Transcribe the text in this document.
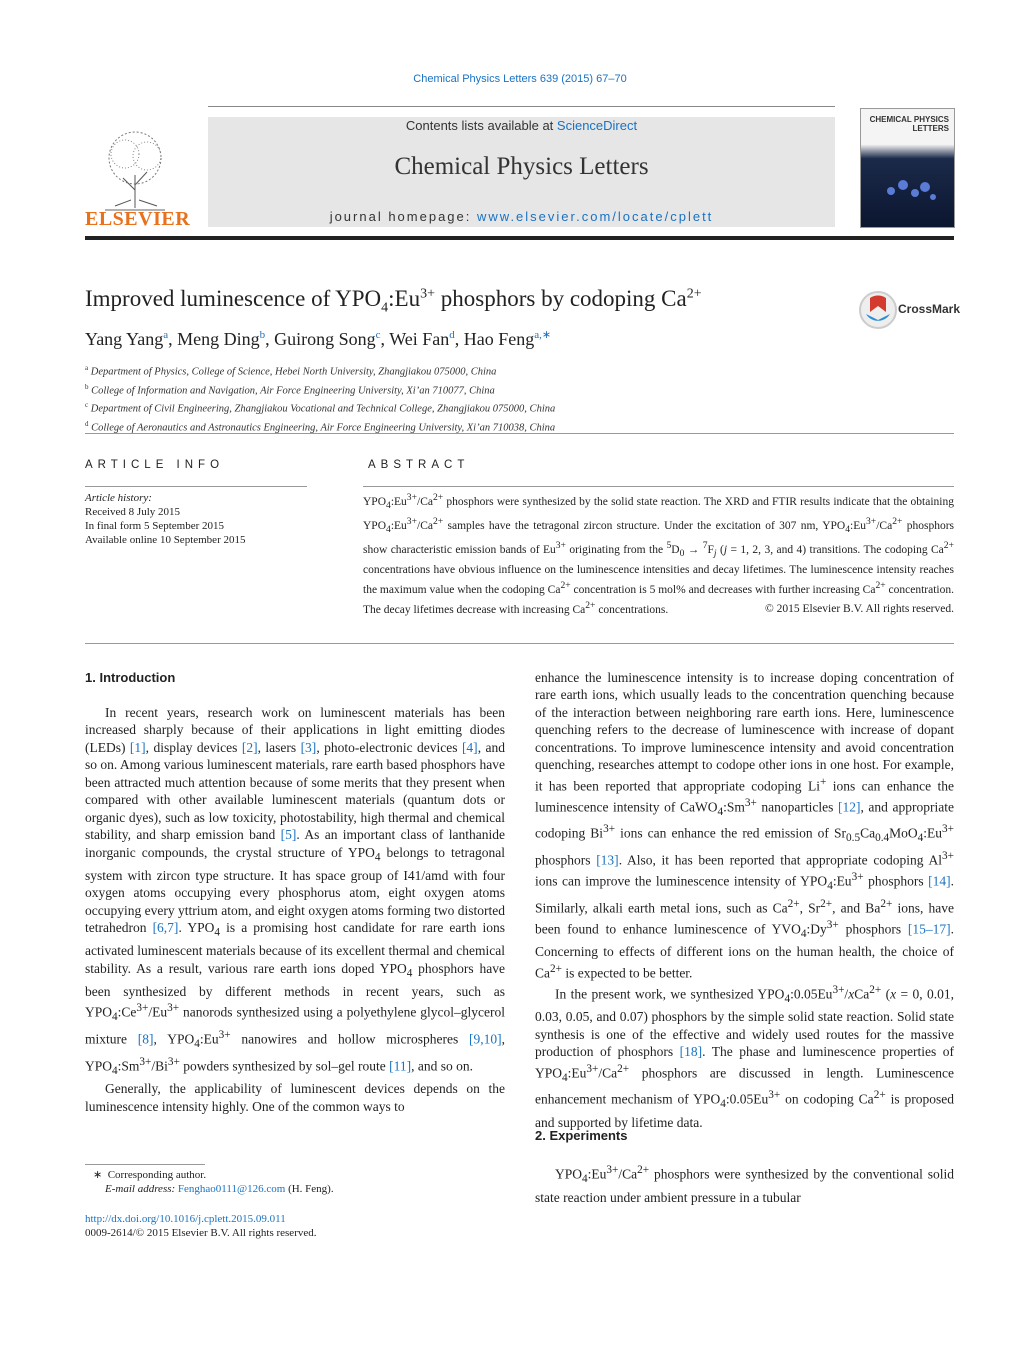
Chemical Physics Letters 639 (2015) 67–70
ELSEVIER
Contents lists available at ScienceDirect
Chemical Physics Letters
journal homepage: www.elsevier.com/locate/cplett
CHEMICAL PHYSICS LETTERS
Improved luminescence of $YPO_4:Eu^{3+}$ phosphors by codoping $Ca^{2+}$
CrossMark
Yang Yang$^a$, Meng Ding$^b$, Guirong Song$^c$, Wei Fan$^d$, Hao Feng$^{a,∗}$
$^a$ Department of Physics, College of Science, Hebei North University, Zhangjiakou 075000, China
$^b$ College of Information and Navigation, Air Force Engineering University, Xi’an 710077, China
$^c$ Department of Civil Engineering, Zhangjiakou Vocational and Technical College, Zhangjiakou 075000, China
$^d$ College of Aeronautics and Astronautics Engineering, Air Force Engineering University, Xi’an 710038, China
ARTICLE INFO
Article history:
Received 8 July 2015
In final form 5 September 2015
Available online 10 September 2015
ABSTRACT
$YPO_4:Eu^{3+}/Ca^{2+}$ phosphors were synthesized by the solid state reaction. The XRD and FTIR results indicate that the obtaining $YPO_4:Eu^{3+}/Ca^{2+}$ samples have the tetragonal zircon structure. Under the excitation of 307 nm, $YPO_4:Eu^{3+}/Ca^{2+}$ phosphors show characteristic emission bands of $Eu^{3+}$ originating from the $^5D_0 \to ^7F_j$ (j = 1, 2, 3, and 4) transitions. The codoping $Ca^{2+}$ concentrations have obvious influence on the luminescence intensities and decay lifetimes. The luminescence intensity reaches the maximum value when the codoping $Ca^{2+}$ concentration is 5 mol% and decreases with further increasing $Ca^{2+}$ concentration. The decay lifetimes decrease with increasing $Ca^{2+}$ concentrations.	© 2015 Elsevier B.V. All rights reserved.
1. Introduction

In recent years, research work on luminescent materials has been increased sharply because of their applications in light emitting diodes (LEDs) [1], display devices [2], lasers [3], photo-electronic devices [4], and so on. Among various luminescent materials, rare earth based phosphors have been attracted much attention because of some merits that they present when compared with other available luminescent materials (quantum dots or organic dyes), such as low toxicity, photostability, high thermal and chemical stability, and sharp emission band [5]. As an important class of lanthanide inorganic compounds, the crystal structure of $YPO_4$ belongs to tetragonal system with zircon type structure. It has space group of I41/amd with four oxygen atoms occupying every phosphorus atom, eight oxygen atoms occupying every yttrium atom, and eight oxygen atoms forming two distorted tetrahedron [6,7]. $YPO_4$ is a promising host candidate for rare earth ions activated luminescent materials because of its excellent thermal and chemical stability. As a result, various rare earth ions doped $YPO_4$ phosphors have been synthesized by different methods in recent years, such as $YPO_4:Ce^{3+}/Eu^{3+}$ nanorods synthesized using a polyethylene glycol–glycerol mixture [8], $YPO_4:Eu^{3+}$ nanowires and hollow microspheres [9,10], $YPO_4:Sm^{3+}/Bi^{3+}$ powders synthesized by sol–gel route [11], and so on.

Generally, the applicability of luminescent devices depends on the luminescence intensity highly. One of the common ways to

enhance the luminescence intensity is to increase doping concentration of rare earth ions, which usually leads to the concentration quenching because of the interaction between neighboring rare earth ions. Here, luminescence quenching refers to the decrease of luminescence with increase of dopant concentrations. To improve luminescence intensity and avoid concentration quenching, researches attempt to codope other ions in one host. For example, it has been reported that appropriate codoping Li+ ions can enhance the luminescence intensity of $CaWO_4:Sm^{3+}$ nanoparticles [12], and appropriate codoping $Bi^{3+}$ ions can enhance the red emission of $Sr_{0.5}Ca_{0.4}MoO_4:Eu^{3+}$ phosphors [13]. Also, it has been reported that appropriate codoping $Al^{3+}$ ions can improve the luminescence intensity of $YPO_4:Eu^{3+}$ phosphors [14]. Similarly, alkali earth metal ions, such as $Ca^{2+}$, $Sr^{2+}$, and $Ba^{2+}$ ions, have been found to enhance luminescence of $YVO_4:Dy^{3+}$ phosphors [15–17]. Concerning to effects of different ions on the human health, the choice of $Ca^{2+}$ is expected to be better.

In the present work, we synthesized $YPO_4:0.05Eu^{3+}/xCa^{2+}$ (x = 0, 0.01, 0.03, 0.05, and 0.07) phosphors by the simple solid state reaction. Solid state synthesis is one of the effective and widely used routes for the massive production of phosphors [18]. The phase and luminescence properties of $YPO_4:Eu^{3+}/Ca^{2+}$ phosphors are discussed in length. Luminescence enhancement mechanism of $YPO_4:0.05Eu^{3+}$ on codoping $Ca^{2+}$ is proposed and supported by lifetime data.

2. Experiments

$YPO_4:Eu^{3+}/Ca^{2+}$ phosphors were synthesized by the conventional solid state reaction under ambient pressure in a tubular

∗  Corresponding author.
E-mail address: Fenghao0111@126.com (H. Feng).
http://dx.doi.org/10.1016/j.cplett.2015.09.011
0009-2614/© 2015 Elsevier B.V. All rights reserved.
